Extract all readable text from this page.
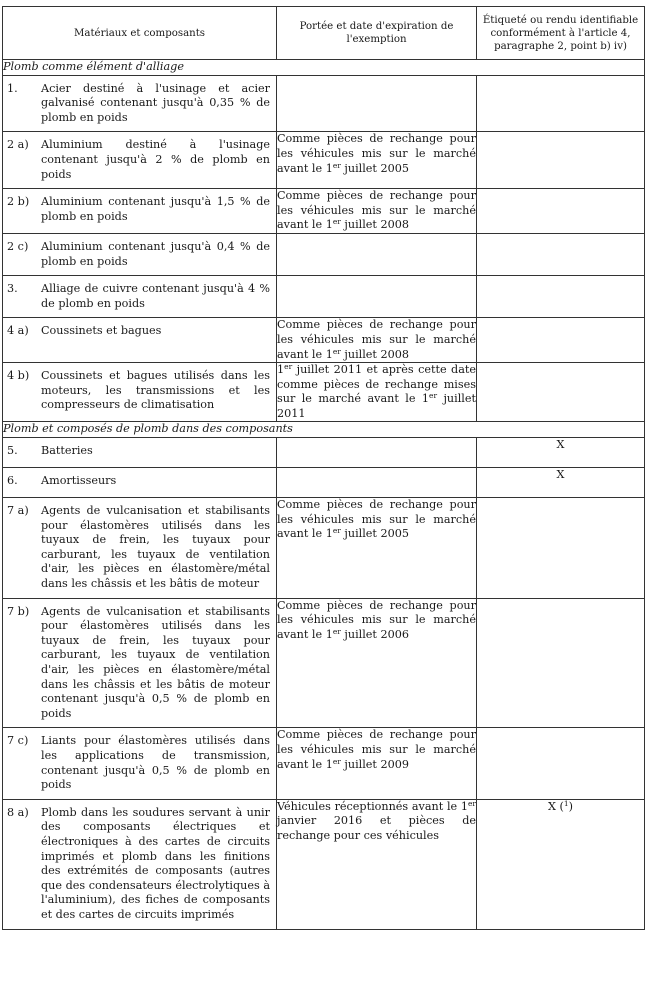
Matériaux et composants	Portée et date d'expiration de l'exemption	Étiqueté ou rendu identifiable conformément à l'article 4, paragraphe 2, point b) iv)
Plomb comme élément d'alliage		

1. Acier destiné à l'usinage et acier galvanisé contenant jusqu'à 0,35 % de plomb en poids		

2 a) Aluminium destiné à l'usinage contenant jusqu'à 2 % de plomb en poids	Comme pièces de rechange pour les véhicules mis sur le marché avant le 1er juillet 2005	

2 b) Aluminium contenant jusqu'à 1,5 % de plomb en poids	Comme pièces de rechange pour les véhicules mis sur le marché avant le 1er juillet 2008	

2 c) Aluminium contenant jusqu'à 0,4 % de plomb en poids		

3. Alliage de cuivre contenant jusqu'à 4 % de plomb en poids		

4 a) Coussinets et bagues	Comme pièces de rechange pour les véhicules mis sur le marché avant le 1er juillet 2008	

4 b) Coussinets et bagues utilisés dans les moteurs, les transmissions et les compresseurs de climatisation	1er juillet 2011 et après cette date comme pièces de rechange mises sur le marché avant le 1er juillet 2011	
Plomb et composés de plomb dans des composants		

5. Batteries		X

6. Amortisseurs		X

7 a) Agents de vulcanisation et stabilisants pour élastomères utilisés dans les tuyaux de frein, les tuyaux pour carburant, les tuyaux de ventilation d'air, les pièces en élastomère/métal dans les châssis et les bâtis de moteur	Comme pièces de rechange pour les véhicules mis sur le marché avant le 1er juillet 2005	

7 b) Agents de vulcanisation et stabilisants pour élastomères utilisés dans les tuyaux de frein, les tuyaux pour carburant, les tuyaux de ventilation d'air, les pièces en élastomère/métal dans les châssis et les bâtis de moteur contenant jusqu'à 0,5 % de plomb en poids	Comme pièces de rechange pour les véhicules mis sur le marché avant le 1er juillet 2006	

7 c) Liants pour élastomères utilisés dans les applications de transmission, contenant jusqu'à 0,5 % de plomb en poids	Comme pièces de rechange pour les véhicules mis sur le marché avant le 1er juillet 2009	

8 a) Plomb dans les soudures servant à unir des composants électriques et électroniques à des cartes de circuits imprimés et plomb dans les finitions des extrémités de composants (autres que des condensateurs électrolytiques à l'aluminium), des fiches de composants et des cartes de circuits imprimés	Véhicules réceptionnés avant le 1er janvier 2016 et pièces de rechange pour ces véhicules	X ($^1$)
